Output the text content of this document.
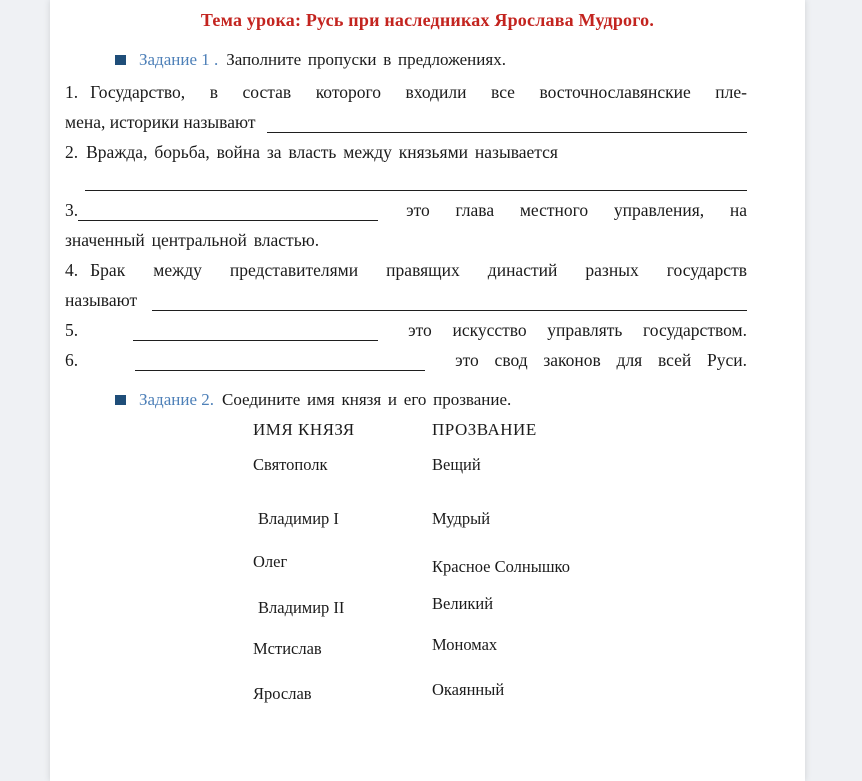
Тема урока: Русь при наследниках Ярослава Мудрого.
Задание 1 . Заполните пропуски в предложениях.
1. Государство, в состав которого входили все восточнославянские пле-
мена, историки называют
2. Вражда, борьба, война за власть между князьями называется
3.	это глава местного управления, на
значенный центральной властью.
4. Брак между представителями правящих династий разных государств
называют
5.	это искусство управлять государством.
6.	это свод законов для всей Руси.
Задание 2. Соедините имя князя и его прозвание.
ИМЯ КНЯЗЯ	ПРОЗВАНИЕ
Святополк	Вещий
Владимир I	Мудрый
Олег	Красное Солнышко
Владимир II	Великий
Мстислав	Мономах
Ярослав	Окаянный
